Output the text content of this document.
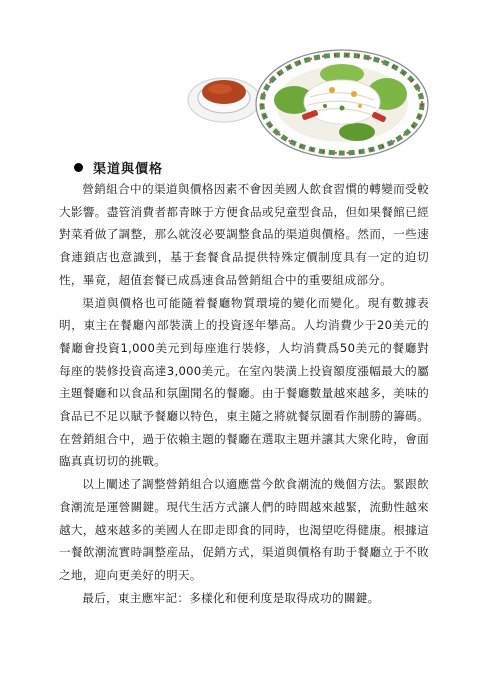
渠道與價格

營銷組合中的渠道與價格因素不會因美國人飲食習慣的轉變而受較大影響。盡管消費者都青睞于方便食品或兒童型食品，但如果餐館已經對菜肴做了調整，那么就沒必要調整食品的渠道與價格。然而，一些速食連鎖店也意識到，基于套餐食品提供特殊定價制度具有一定的迫切性，畢竟，超值套餐已成爲速食品營銷組合中的重要組成部分。

渠道與價格也可能隨着餐廳物質環境的變化而變化。現有數據表明，東主在餐廳內部裝潢上的投資逐年攀高。人均消費少于20美元的餐廳會投資1,000美元到每座進行裝修，人均消費爲50美元的餐廳對每座的裝修投資高達3,000美元。在室內裝潢上投資額度漲幅最大的屬主題餐廳和以食品和氛圍聞名的餐廳。由于餐廳數量越來越多，美味的食品已不足以賦予餐廳以特色，東主隨之將就餐氛圍看作制勝的籌碼。在營銷組合中，過于依賴主題的餐廳在選取主題并讓其大衆化時，會面臨真真切切的挑戰。

以上闡述了調整營銷組合以適應當今飲食潮流的幾個方法。緊跟飲食潮流是運營關鍵。現代生活方式讓人們的時間越來越緊，流動性越來越大，越來越多的美國人在即走即食的同時，也渴望吃得健康。根據這一餐飲潮流實時調整産品，促銷方式，渠道與價格有助于餐廳立于不敗之地，迎向更美好的明天。

最后，東主應牢記：多樣化和便利度是取得成功的關鍵。
